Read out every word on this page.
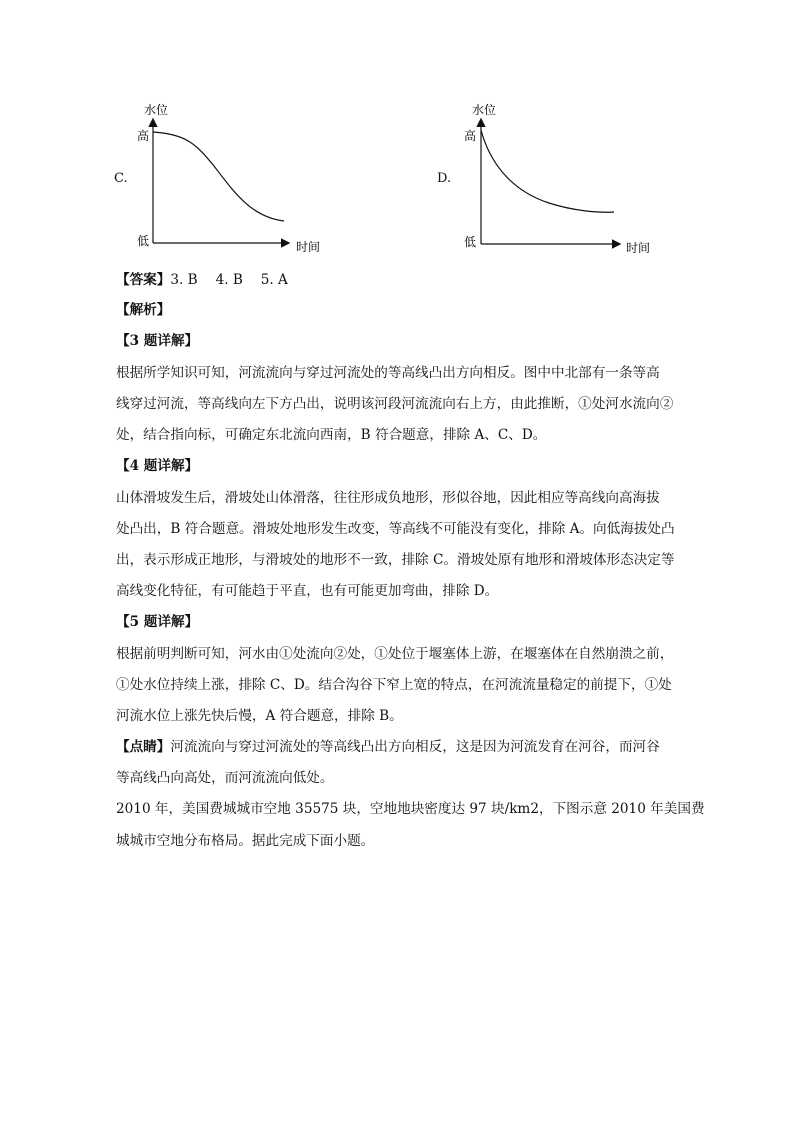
C.
水位
高
低	时间
D.
水位
高
低	时间
【答案】3. B　 4. B　 5. A
【解析】
【3 题详解】
根据所学知识可知，河流流向与穿过河流处的等高线凸出方向相反。图中中北部有一条等高
线穿过河流，等高线向左下方凸出，说明该河段河流流向右上方，由此推断，①处河水流向②
处，结合指向标，可确定东北流向西南，B 符合题意，排除 A、C、D。
【4 题详解】
山体滑坡发生后，滑坡处山体滑落，往往形成负地形，形似谷地，因此相应等高线向高海拔
处凸出，B 符合题意。滑坡处地形发生改变，等高线不可能没有变化，排除 A。向低海拔处凸
出，表示形成正地形，与滑坡处的地形不一致，排除 C。滑坡处原有地形和滑坡体形态决定等
高线变化特征，有可能趋于平直，也有可能更加弯曲，排除 D。
【5 题详解】
根据前明判断可知，河水由①处流向②处，①处位于堰塞体上游，在堰塞体在自然崩溃之前，
①处水位持续上涨，排除 C、D。结合沟谷下窄上宽的特点，在河流流量稳定的前提下，①处
河流水位上涨先快后慢，A 符合题意，排除 B。
【点睛】河流流向与穿过河流处的等高线凸出方向相反，这是因为河流发育在河谷，而河谷
等高线凸向高处，而河流流向低处。
2010 年，美国费城城市空地 35575 块，空地地块密度达 97 块/km2，下图示意 2010 年美国费
城城市空地分布格局。据此完成下面小题。
